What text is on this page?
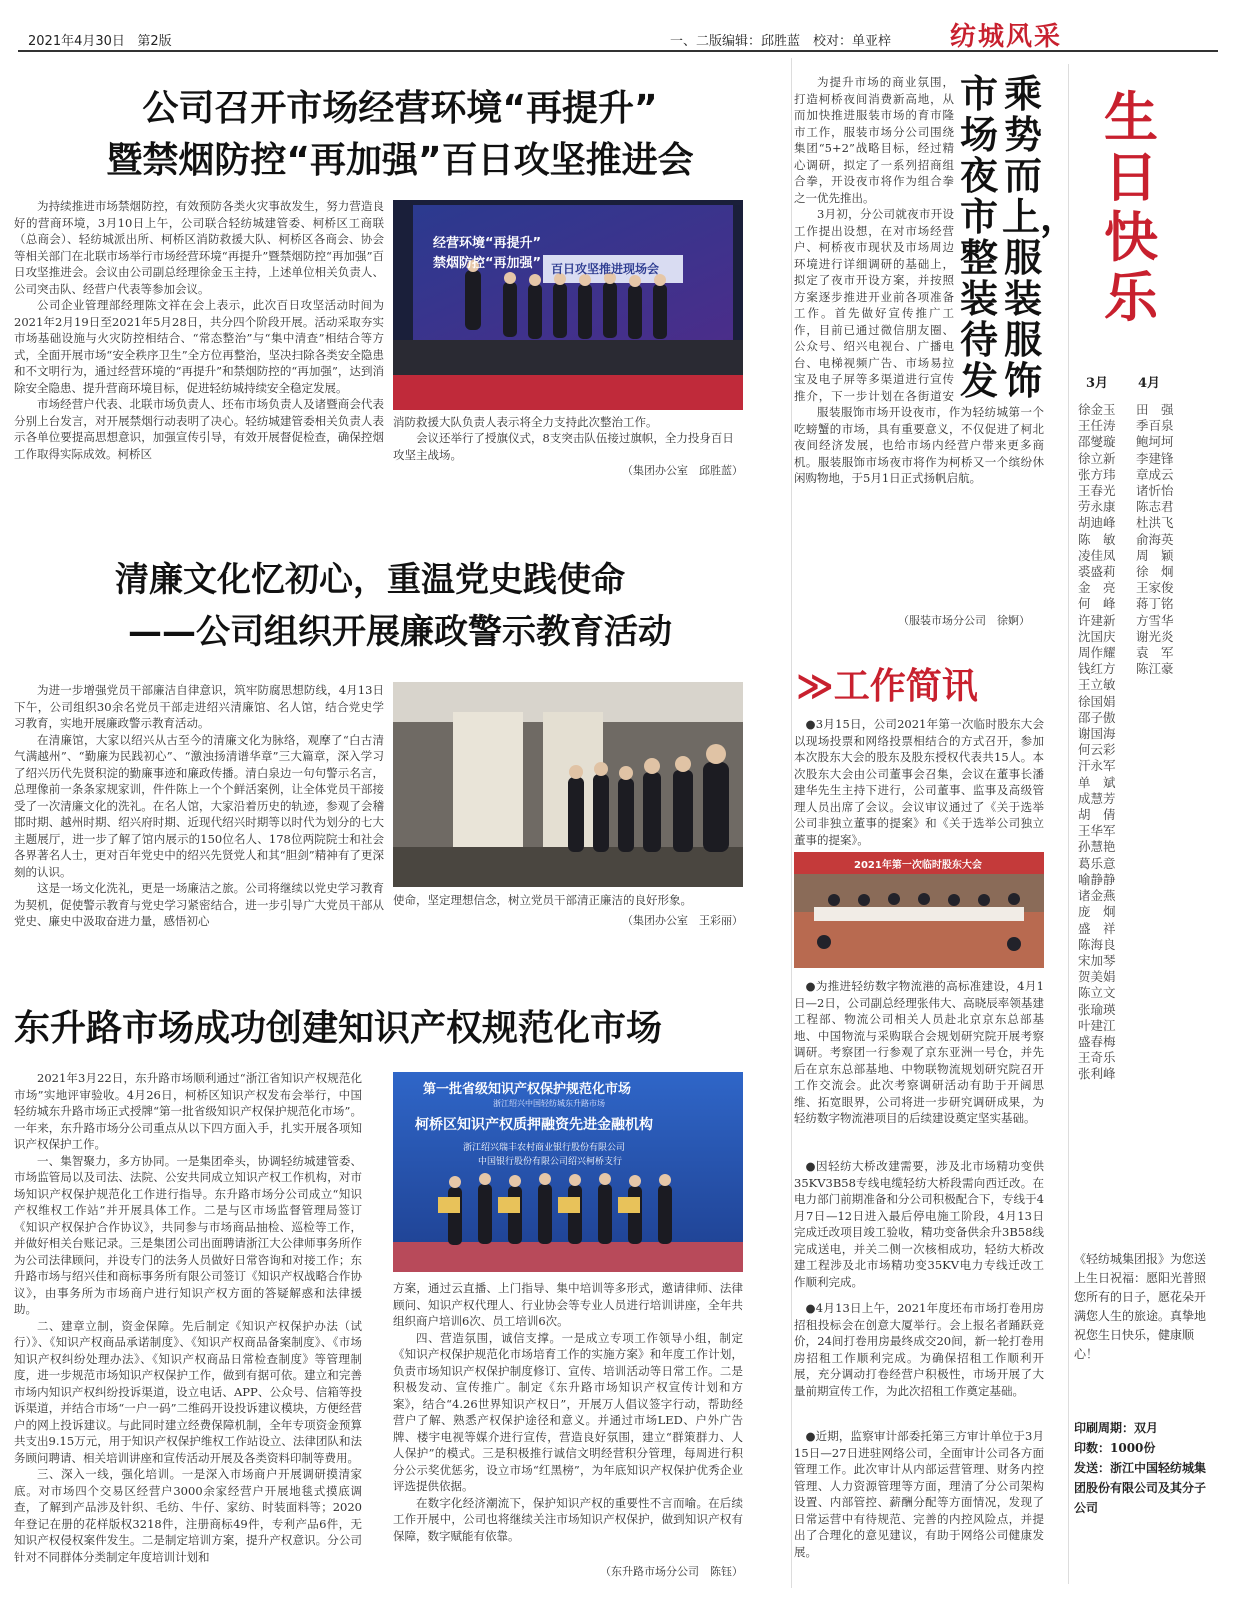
2021年4月30日 第2版	一、二版编辑：邱胜蓝　校对：单亚梓 纺城风采
公司召开市场经营环境“再提升”
暨禁烟防控“再加强”百日攻坚推进会

为持续推进市场禁烟防控，有效预防各类火灾事故发生，努力营造良好的营商环境，3月10日上午，公司联合轻纺城建管委、柯桥区工商联（总商会）、轻纺城派出所、柯桥区消防救援大队、柯桥区各商会、协会等相关部门在北联市场举行市场经营环境“再提升”暨禁烟防控“再加强”百日攻坚推进会。会议由公司副总经理徐金玉主持，上述单位相关负责人、公司突击队、经营户代表等参加会议。

公司企业管理部经理陈文祥在会上表示，此次百日攻坚活动时间为2021年2月19日至2021年5月28日，共分四个阶段开展。活动采取夯实市场基础设施与火灾防控相结合、“常态整治”与“集中清查”相结合等方式，全面开展市场“安全秩序卫生”全方位再整治，坚决扫除各类安全隐患和不文明行为，通过经营环境的“再提升”和禁烟防控的“再加强”，达到消除安全隐患、提升营商环境目标，促进轻纺城持续安全稳定发展。

市场经营户代表、北联市场负责人、坯布市场负责人及诸暨商会代表分别上台发言，对开展禁烟行动表明了决心。轻纺城建管委相关负责人表示各单位要提高思想意识，加强宣传引导，有效开展督促检查，确保控烟工作取得实际成效。柯桥区

经营环境“再提升”
禁烟防控“再加强” 百日攻坚推进现场会
消防救援大队负责人表示将全力支持此次整治工作。
会议还举行了授旗仪式，8支突击队伍接过旗帜，全力投身百日攻坚主战场。
（集团办公室　邱胜蓝）
清廉文化忆初心，重温党史践使命
——公司组织开展廉政警示教育活动

为进一步增强党员干部廉洁自律意识，筑牢防腐思想防线，4月13日下午，公司组织30余名党员干部走进绍兴清廉馆、名人馆，结合党史学习教育，实地开展廉政警示教育活动。

在清廉馆，大家以绍兴从古至今的清廉文化为脉络，观摩了“白古清气满越州”、“勤廉为民践初心”、“激浊扬清谱华章”三大篇章，深入学习了绍兴历代先贤积淀的勤廉事迹和廉政传播。清白泉边一句句警示名言，总理像前一条条家规家训，件件陈上一个个鲜活案例，让全体党员干部接受了一次清廉文化的洗礼。在名人馆，大家沿着历史的轨迹，参观了会稽邯时期、越州时期、绍兴府时期、近现代绍兴时期等以时代为划分的七大主题展厅，进一步了解了馆内展示的150位名人、178位两院院士和社会各界著名人士，更对百年党史中的绍兴先贤党人和其“胆剑”精神有了更深刻的认识。

这是一场文化洗礼，更是一场廉洁之旅。公司将继续以党史学习教育为契机，促使警示教育与党史学习紧密结合，进一步引导广大党员干部从党史、廉史中汲取奋进力量，感悟初心

使命，坚定理想信念，树立党员干部清正廉洁的良好形象。
（集团办公室　王彩丽）
东升路市场成功创建知识产权规范化市场

2021年3月22日，东升路市场顺利通过“浙江省知识产权规范化市场”实地评审验收。4月26日，柯桥区知识产权发布会举行，中国轻纺城东升路市场正式授牌“第一批省级知识产权保护规范化市场”。一年来，东升路市场分公司重点从以下四方面入手，扎实开展各项知识产权保护工作。

一、集智聚力，多方协同。一是集团牵头，协调轻纺城建管委、市场监管局以及司法、法院、公安共同成立知识产权工作机构，对市场知识产权保护规范化工作进行指导。东升路市场分公司成立“知识产权维权工作站”并开展具体工作。二是与区市场监督管理局签订《知识产权保护合作协议》，共同参与市场商品抽检、巡检等工作，并做好相关台账记录。三是集团公司出面聘请浙江大公律师事务所作为公司法律顾问，并设专门的法务人员做好日常咨询和对接工作；东升路市场与绍兴佳和商标事务所有限公司签订《知识产权战略合作协议》，由事务所为市场商户进行知识产权方面的答疑解惑和法律援助。

二、建章立制，资金保障。先后制定《知识产权保护办法（试行）》、《知识产权商品承诺制度》、《知识产权商品备案制度》、《市场知识产权纠纷处理办法》、《知识产权商品日常检查制度》等管理制度，进一步规范市场知识产权保护工作，做到有据可依。建立和完善市场内知识产权纠纷投诉渠道，设立电话、APP、公众号、信箱等投诉渠道，并结合市场“一户一码”二维码开设投诉建议模块，方便经营户的网上投诉建议。与此同时建立经费保障机制，全年专项资金预算共支出9.15万元，用于知识产权保护维权工作站设立、法律团队和法务顾问聘请、相关培训讲座和宣传活动开展及各类资料印制等费用。

三、深入一线，强化培训。一是深入市场商户开展调研摸清家底。对市场四个交易区经营户3000余家经营户开展地毯式摸底调查，了解到产品涉及针织、毛纺、牛仔、家纺、时装面料等；2020年登记在册的花样版权3218件，注册商标49件，专利产品6件，无知识产权侵权案件发生。二是制定培训方案，提升产权意识。分公司针对不同群体分类制定年度培训计划和

第一批省级知识产权保护规范化市场
柯桥区知识产权质押融资先进金融机构
浙江绍兴中国轻纺城东升路市场
浙江绍兴瑞丰农村商业银行股份有限公司
中国银行股份有限公司绍兴柯桥支行

方案，通过云直播、上门指导、集中培训等多形式，邀请律师、法律顾问、知识产权代理人、行业协会等专业人员进行培训讲座，全年共组织商户培训6次、员工培训6次。

四、营造氛围，诚信支撑。一是成立专项工作领导小组，制定《知识产权保护规范化市场培育工作的实施方案》和年度工作计划，负责市场知识产权保护制度修订、宣传、培训活动等日常工作。二是积极发动、宣传推广。制定《东升路市场知识产权宣传计划和方案》，结合“4.26世界知识产权日”，开展万人倡议签字行动，帮助经营户了解、熟悉产权保护途径和意义。并通过市场LED、户外广告牌、楼宇电视等媒介进行宣传，营造良好氛围，建立“群策群力、人人保护”的模式。三是积极推行诚信文明经营积分管理，每周进行积分公示奖优惩劣，设立市场“红黑榜”，为年底知识产权保护优秀企业评选提供依据。

在数字化经济潮流下，保护知识产权的重要性不言而喻。在后续工作开展中，公司也将继续关注市场知识产权保护，做到知识产权有保障，数字赋能有依靠。

（东升路市场分公司　陈钰）
乘势而上，服装服饰
市场夜市整装待发

为提升市场的商业氛围，打造柯桥夜间消费新高地，从而加快推进服装市场的育市隆市工作，服装市场分公司围绕集团“5+2”战略目标，经过精心调研，拟定了一系列招商组合拳，开设夜市将作为组合拳之一优先推出。

3月初，分公司就夜市开设工作提出设想，在对市场经营户、柯桥夜市现状及市场周边环境进行详细调研的基础上，拟定了夜市开设方案，并按照方案逐步推进开业前各项准备工作。首先做好宣传推广工作，目前已通过微信朋友圈、公众号、绍兴电视台、广播电台、电梯视频广告、市场易拉宝及电子屏等多渠道进行宣传推介，下一步计划在各街道安

服装服饰市场开设夜市，作为轻纺城第一个吃螃蟹的市场，具有重要意义，不仅促进了柯北夜间经济发展，也给市场内经营户带来更多商机。服装服饰市场夜市将作为柯桥又一个缤纷休闲购物地，于5月1日正式扬帆启航。

（服装市场分公司　徐婀）
≫工作简讯
●3月15日，公司2021年第一次临时股东大会以现场投票和网络投票相结合的方式召开，参加本次股东大会的股东及股东授权代表共15人。本次股东大会由公司董事会召集，会议在董事长潘建华先生主持下进行，公司董事、监事及高级管理人员出席了会议。会议审议通过了《关于选举公司非独立董事的提案》和《关于选举公司独立董事的提案》。
2021年第一次临时股东大会
●为推进轻纺数字物流港的高标准建设，4月1日—2日，公司副总经理张伟大、高晓辰率领基建工程部、物流公司相关人员赴北京京东总部基地、中国物流与采购联合会规划研究院开展考察调研。考察团一行参观了京东亚洲一号仓，并先后在京东总部基地、中物联物流规划研究院召开工作交流会。此次考察调研活动有助于开阔思维、拓宽眼界，公司将进一步研究调研成果，为轻纺数字物流港项目的后续建设奠定坚实基础。
●因轻纺大桥改建需要，涉及北市场精功变供35KV3B58专线电缆轻纺大桥段需向西迁改。在电力部门前期准备和分公司积极配合下，专线于4月7日—12日进入最后停电施工阶段，4月13日完成迁改项目竣工验收，精功变备供余升3B58线完成送电，并关二侧一次核相成功，轻纺大桥改建工程涉及北市场精功变35KV电力专线迁改工作顺利完成。
●4月13日上午，2021年度坯布市场打卷用房招租投标会在创意大厦举行。会上报名者踊跃竞价，24间打卷用房最终成交20间，新一轮打卷用房招租工作顺利完成。为确保招租工作顺利开展，充分调动打卷经营户积极性，市场开展了大量前期宣传工作，为此次招租工作奠定基础。
●近期，监察审计部委托第三方审计单位于3月15日—27日进驻网络公司，全面审计公司各方面管理工作。此次审计从内部运营管理、财务内控管理、人力资源管理等方面，理清了分公司架构设置、内部管控、薪酬分配等方面情况，发现了日常运营中有待规范、完善的内控风险点，并提出了合理化的意见建议，有助于网络公司健康发展。
生日快乐
3月 4月
徐金玉
王任涛
邵燮璇
徐立新
张方玮
王春光
劳永康
胡迪峰
陈　敏
凌佳凤
裘盛莉
金　亮
何　峰
许建新
沈国庆
周作耀
钱红方
王立敏
徐国娟
邵子傲
谢国海
何云彩
汗永军
单　斌
成慧芳
胡　倩
王华军
孙慧艳
葛乐意
喻静静
诸金燕
庞　炯
盛　祥
陈海良
宋加琴
贺美娟
陈立文
张瑜瑛
叶建江
盛春梅
王奇乐
张利峰
田　强
季百泉
鲍坷坷
李建锋
章成云
诸忻怡
陈志君
杜洪飞
俞海英
周　颖
徐　炯
王家俊
蒋丁铭
方雪华
谢光炎
袁　军
陈江豪
《轻纺城集团报》为您送上生日祝福：愿阳光普照您所有的日子，愿花朵开满您人生的旅途。真挚地祝您生日快乐，健康顺心！
印刷周期：双月
印数：1000份
发送：浙江中国轻纺城集团股份有限公司及其分子公司
